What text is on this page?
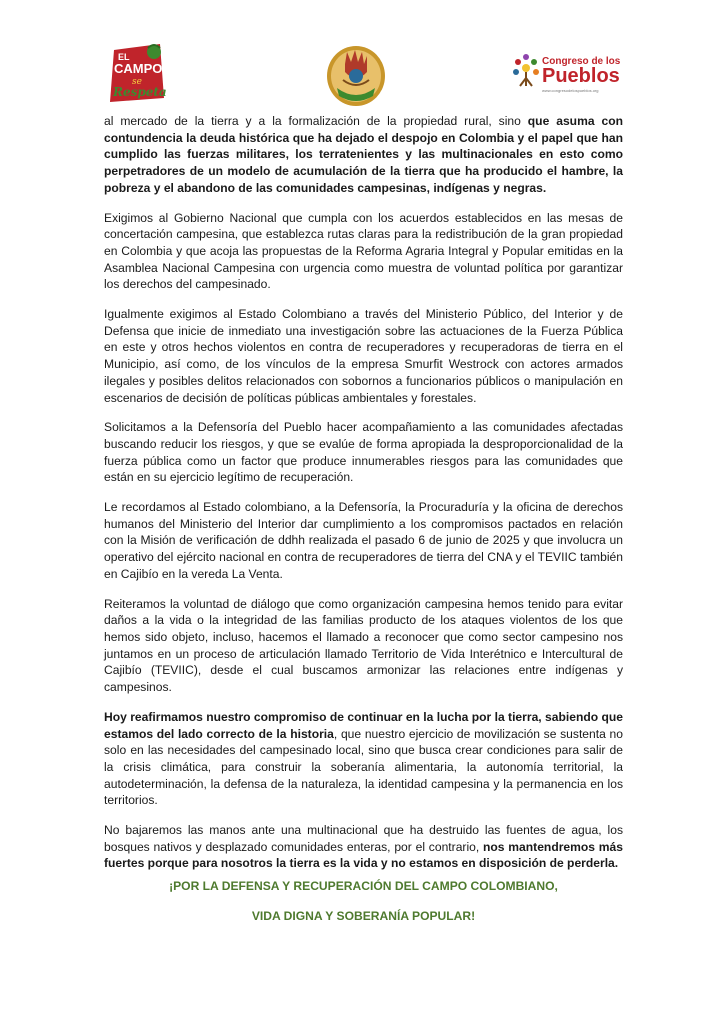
EL
CAMPO
se
Respeta
Congreso de los
Pueblos
www.congresodelospueblos.org

al mercado de la tierra y a la formalización de la propiedad rural, sino que asuma con contundencia la deuda histórica que ha dejado el despojo en Colombia y el papel que han cumplido las fuerzas militares, los terratenientes y las multinacionales en esto como perpetradores de un modelo de acumulación de la tierra que ha producido el hambre, la pobreza y el abandono de las comunidades campesinas, indígenas y negras.

Exigimos al Gobierno Nacional que cumpla con los acuerdos establecidos en las mesas de concertación campesina, que establezca rutas claras para la redistribución de la gran propiedad en Colombia y que acoja las propuestas de la Reforma Agraria Integral y Popular emitidas en la Asamblea Nacional Campesina con urgencia como muestra de voluntad política por garantizar los derechos del campesinado.

Igualmente exigimos al Estado Colombiano a través del Ministerio Público, del Interior y de Defensa que inicie de inmediato una investigación sobre las actuaciones de la Fuerza Pública en este y otros hechos violentos en contra de recuperadores y recuperadoras de tierra en el Municipio, así como, de los vínculos de la empresa Smurfit Westrock con actores armados ilegales y posibles delitos relacionados con sobornos a funcionarios públicos o manipulación en escenarios de decisión de políticas públicas ambientales y forestales.

Solicitamos a la Defensoría del Pueblo hacer acompañamiento a las comunidades afectadas buscando reducir los riesgos, y que se evalúe de forma apropiada la desproporcionalidad de la fuerza pública como un factor que produce innumerables riesgos para las comunidades que están en su ejercicio legítimo de recuperación.

Le recordamos al Estado colombiano, a la Defensoría, la Procuraduría y la oficina de derechos humanos del Ministerio del Interior dar cumplimiento a los compromisos pactados en relación con la Misión de verificación de ddhh realizada el pasado 6 de junio de 2025 y que involucra un operativo del ejército nacional en contra de recuperadores de tierra del CNA y el TEVIIC también en Cajibío en la vereda La Venta.

Reiteramos la voluntad de diálogo que como organización campesina hemos tenido para evitar daños a la vida o la integridad de las familias producto de los ataques violentos de los que hemos sido objeto, incluso, hacemos el llamado a reconocer que como sector campesino nos juntamos en un proceso de articulación llamado Territorio de Vida Interétnico e Intercultural de Cajibío (TEVIIC), desde el cual buscamos armonizar las relaciones entre indígenas y campesinos.

Hoy reafirmamos nuestro compromiso de continuar en la lucha por la tierra, sabiendo que estamos del lado correcto de la historia, que nuestro ejercicio de movilización se sustenta no solo en las necesidades del campesinado local, sino que busca crear condiciones para salir de la crisis climática, para construir la soberanía alimentaria, la autonomía territorial, la autodeterminación, la defensa de la naturaleza, la identidad campesina y la permanencia en los territorios.

No bajaremos las manos ante una multinacional que ha destruido las fuentes de agua, los bosques nativos y desplazado comunidades enteras, por el contrario, nos mantendremos más fuertes porque para nosotros la tierra es la vida y no estamos en disposición de perderla.

¡POR LA DEFENSA Y RECUPERACIÓN DEL CAMPO COLOMBIANO,
VIDA DIGNA Y SOBERANÍA POPULAR!
